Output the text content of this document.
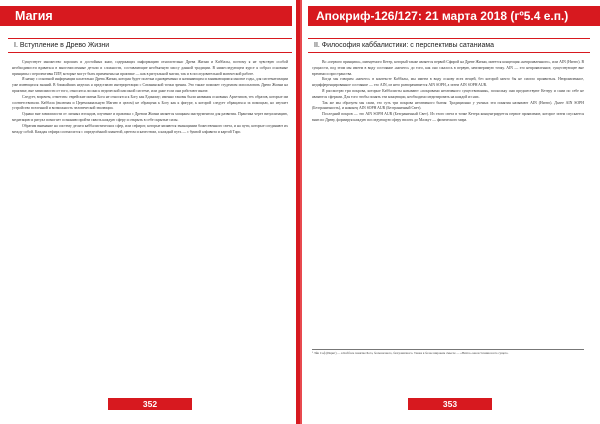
Магия
I. Вступление в Древо Жизни

Существует множество хороших и достойных книг, содержащих информацию относительно Древа Жизни и Каббалы, поэтому я не чувствую особой необходимости вдаваться в многочисленные детали и сложности, составляющие необъятную массу данной традиции. В нижеследующем курсе я собрал основные принципы с перспективы ПЛР, которые могут быть применены на практике — как в ритуальной магии, так и в последовательной магической работе.

Я начну с основной информации касательно Древа Жизни, которая будет полезна одновременно и начинающим и занимающимся многие годы, для систематизации уже имеющихся знаний. В ближайших неделях я представлю интерпретации с Сатанинской точки зрения. Это также поможет студентам использовать Древо Жизни на практике, вне зависимости от того, относятся ли они к ведической или иной системе, или даже если они работают иначе.

Следует, впрочем, отметить: еврейские имена Бога не относятся к Богу как Единому; именно таковы были названия основных Архетипов, тех образов, которые им соответствовали. Каббала (включая и Церемониальную Магию в целом) не обращена к Богу как к фигуре, к которой следует обращаться за помощью, но изучает устройство вселенной и возможность человеческой эволюции.

Однако вне зависимости от личных взглядов, изучение и практика с Древом Жизни является мощным инструментом для развития. Практика через визуализацию, медитацию и ритуал помогает сознанию пройти сквозь каждую сферу и открыть в себе скрытые силы.

Обратим внимание на систему десяти каббалистических сфер, или сефирот, которые являются эманациями божественного света, и на пути, которые соединяют их между собой. Каждая сефира соотносится с определённой планетой, цветом и качеством, а каждый путь — с буквой алфавита и картой Таро.

352
Апокриф-126/127: 21 марта 2018 (гº5.4 е.п.)
II. Философия каббалистики: с перспективы сатаниама

Во «первого принципа», именуемого Кетер, который также является первой Сфирой на Древе Жизни, имеется концепция «непроявленного», или AIN (Ничто). В сущности, под этим мы имеем в виду состояние «ничего» до того, как оно сжалось в первую, неизмеримую точку. AIN — это непроявленное, существующее вне времени и пространства.

Когда мы говорим «ничего» в контексте Каббалы, мы имеем в виду основу всех вещей, без которой ничто бы не смогло проявиться. Непроявленное, недифференцированное состояние — это AIN, из него разворачивается AIN SOPH, а затем AIN SOPH AUR.

Я рассмотрю три покрова, которые Каббалисты называют «покровами негативного существования», поскольку они предшествуют Кетеру и сами по себе не являются сферами. Для того чтобы понять эти концепции, необходимо медитировать на каждой из них.

Так же мы образуем мы сами, это суть три покрова негативного бытия: Традиционно у ученых эти понятия называют AIN (Ничто). Далее AIN SOPH (Безграничность), и наконец AIN SOPH AUR (Безграничный Свет).

Последний покров — это AIN SOPH AUR (Безграничный Свет). Из этого света в точке Кетера концентрируется первое проявление, которое затем спускается вниз по Древу, формируя каждую последующую сферу вплоть до Малкут — физического мира.

¹ Эйн Соф (Иврит) — в Каббале понятие Бога, бесконечного, безграничного. Также в более широком смысле — «Ничто» как источник всего сущего.

353
